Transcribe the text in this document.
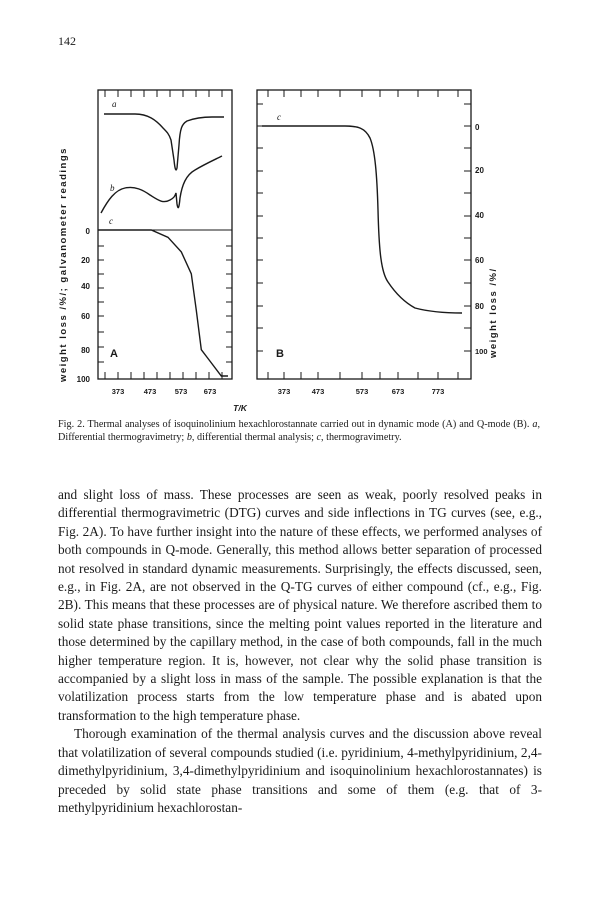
142
weight loss /%/; galvanometer readings	weight loss /%/
0
20
40
60
80
100
0
20
40
60
80
100
373	473 573 673	373	473	573	673	773
T/K
A	B
a
b
c
c
Fig. 2. Thermal analyses of isoquinolinium hexachlorostannate carried out in dynamic mode (A) and Q-mode (B). a, Differential thermogravimetry; b, differential thermal analysis; c, thermogravimetry.

and slight loss of mass. These processes are seen as weak, poorly resolved peaks in differential thermogravimetric (DTG) curves and side inflections in TG curves (see, e.g., Fig. 2A). To have further insight into the nature of these effects, we performed analyses of both compounds in Q-mode. Generally, this method allows better separation of processed not resolved in standard dynamic measurements. Surprisingly, the effects discussed, seen, e.g., in Fig. 2A, are not observed in the Q-TG curves of either compound (cf., e.g., Fig. 2B). This means that these processes are of physical nature. We therefore ascribed them to solid state phase transitions, since the melting point values reported in the literature and those determined by the capillary method, in the case of both compounds, fall in the much higher temperature region. It is, however, not clear why the solid phase transition is accompanied by a slight loss in mass of the sample. The possible explanation is that the volatilization process starts from the low temperature phase and is abated upon transformation to the high temperature phase.

Thorough examination of the thermal analysis curves and the discussion above reveal that volatilization of several compounds studied (i.e. pyridinium, 4-methylpyridinium, 2,4-dimethylpyridinium, 3,4-dimethylpyridinium and isoquinolinium hexachlorostannates) is preceded by solid state phase transitions and some of them (e.g. that of 3-methylpyridinium hexachlorostan-
